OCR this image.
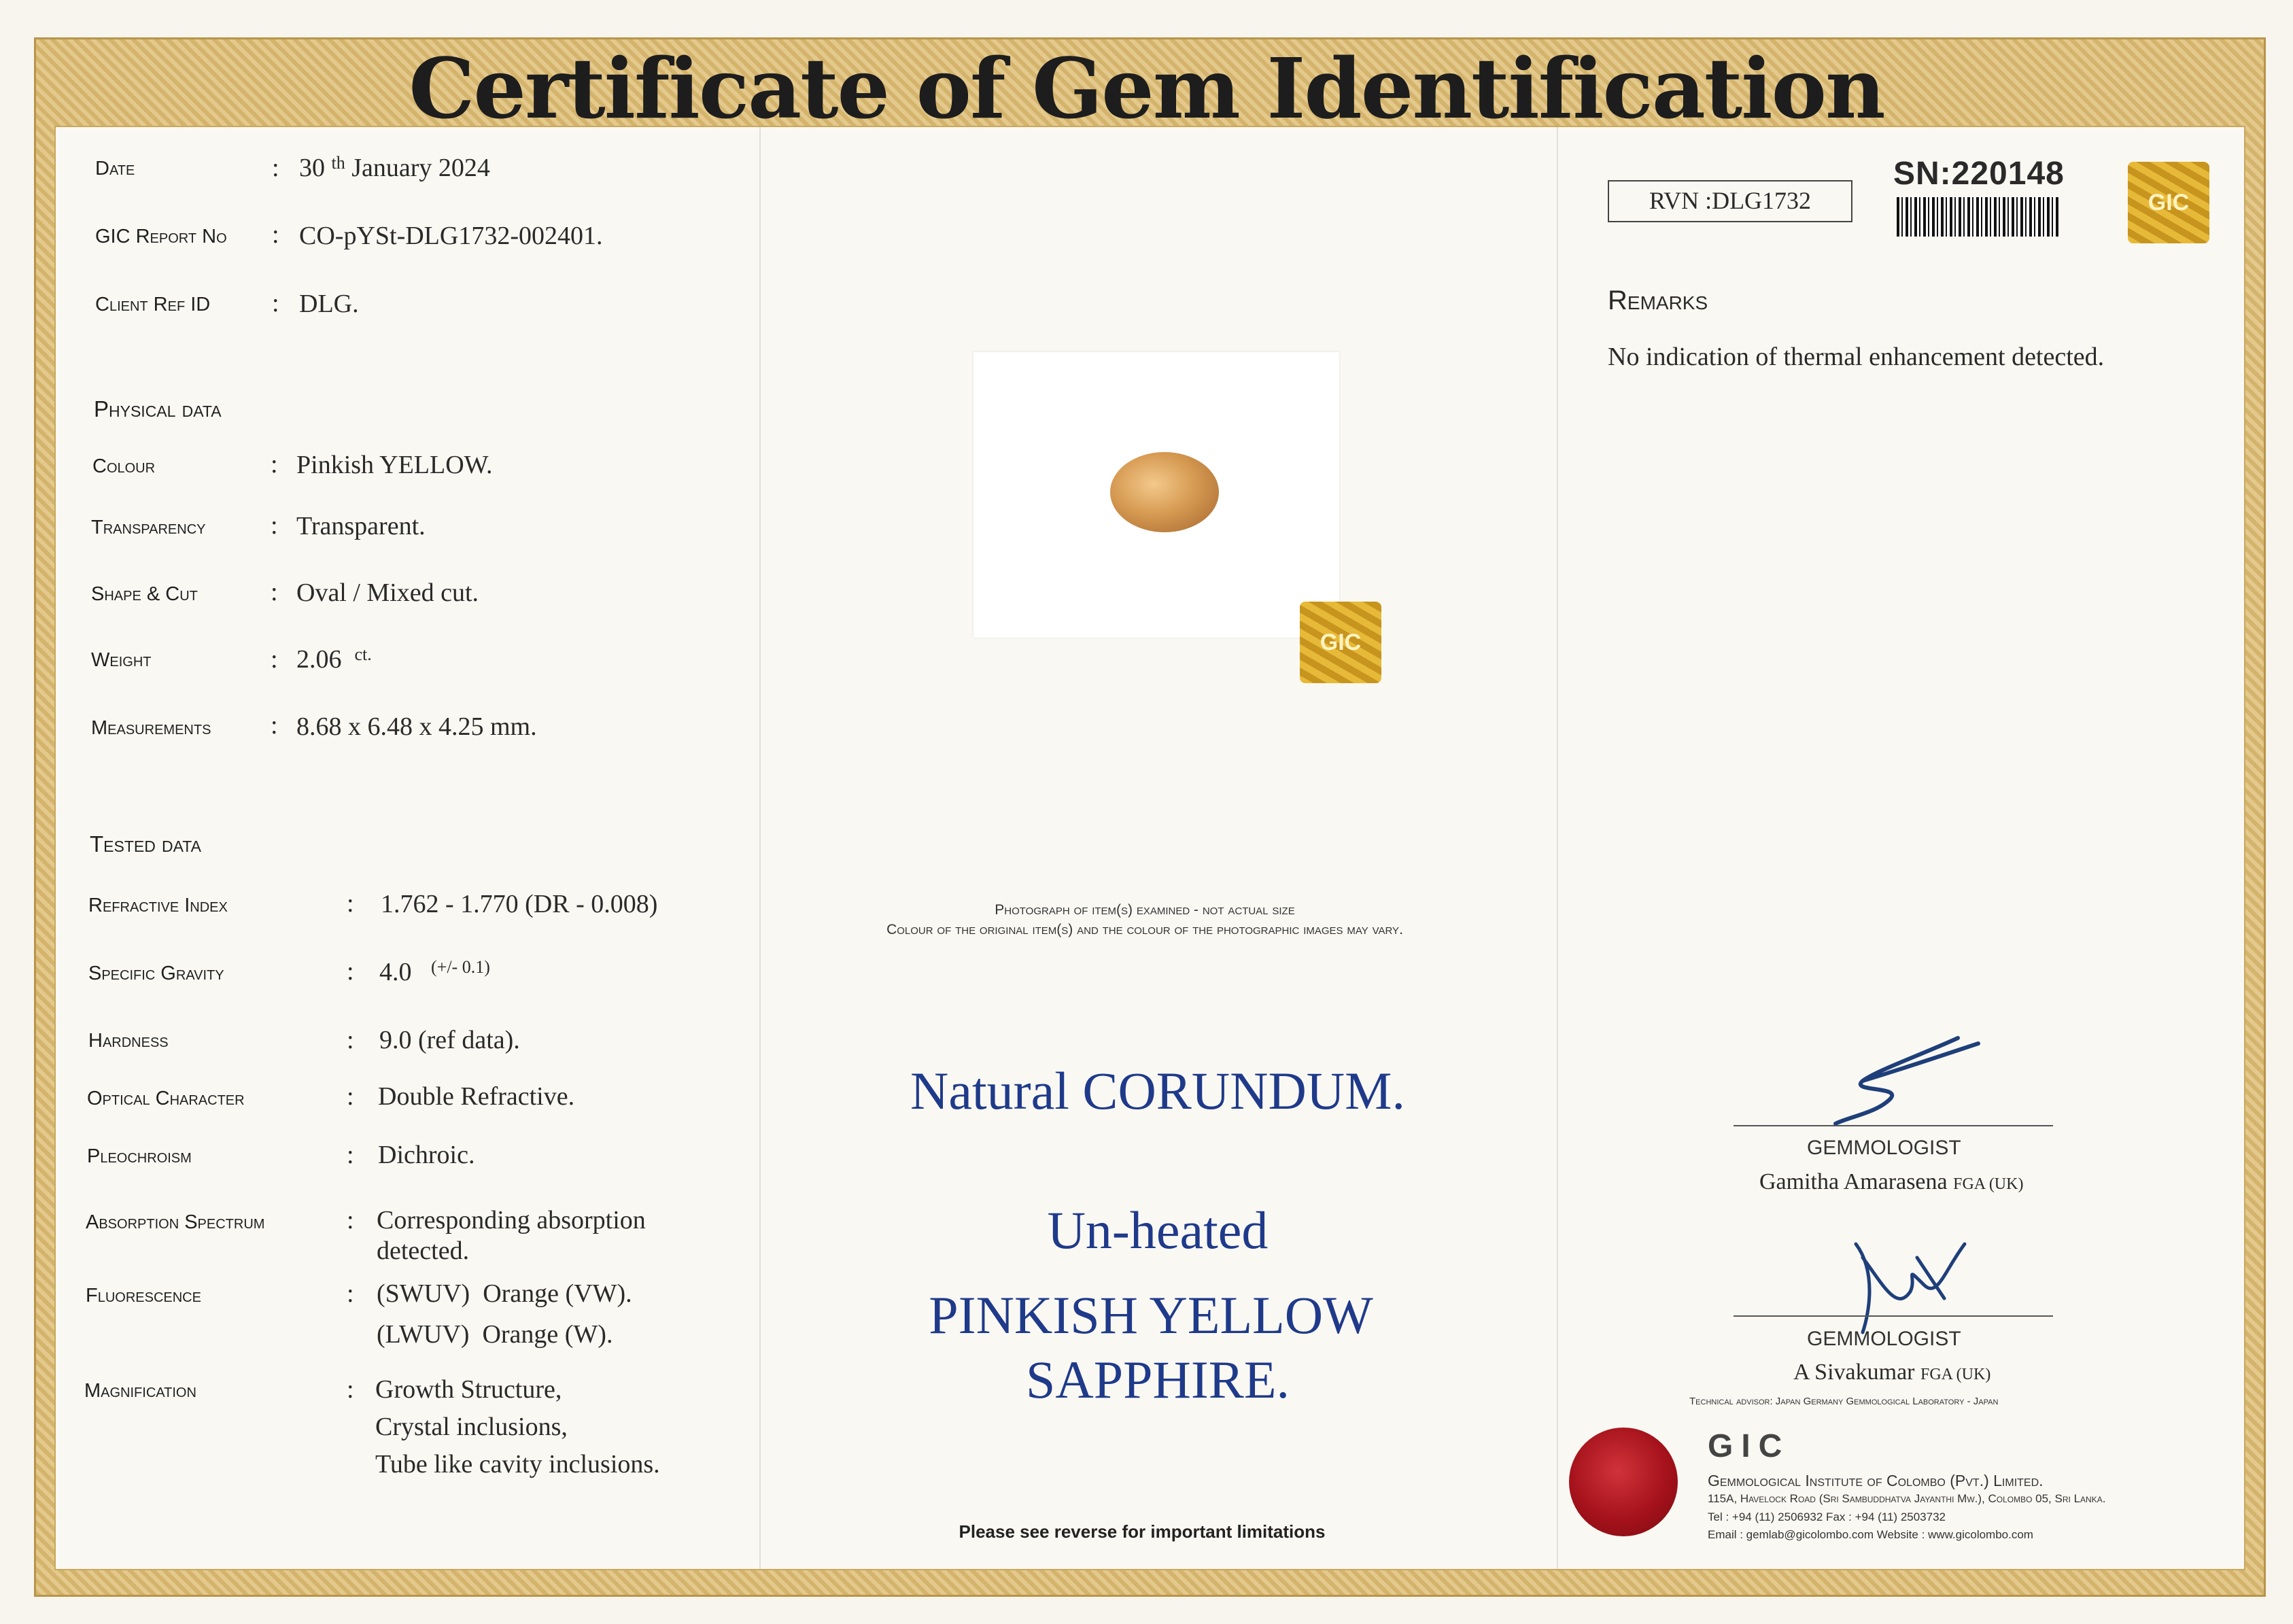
Certificate of Gem Identification
Date	: 30 $^{th}$ January 2024
GIC Report No : CO-pYSt-DLG1732-002401.
Client Ref ID : DLG.
Physical data
Colour	: Pinkish YELLOW.
Transparency	: Transparent.
Shape & Cut	: Oval / Mixed cut.
Weight	: 2.06 $^{ct.}$
Measurements : 8.68 x 6.48 x 4.25 mm.
Tested data
Refractive Index	: 1.762 - 1.770 (DR - 0.008)
Specific Gravity	: 4.0 $^{(+/- 0.1)}$
Hardness	: 9.0 (ref data).
Optical Character	: Double Refractive.
Pleochroism	: Dichroic.
Absorption Spectrum	: Corresponding absorption
detected.
Fluorescence	: (SWUV) Orange (VW).
(LWUV) Orange (W).
Magnification	: Growth Structure,
Crystal inclusions,
Tube like cavity inclusions.
GIC
Photograph of item(s) examined - not actual size
Colour of the original item(s) and the colour of the photographic images may vary.
Natural CORUNDUM.
Un-heated
PINKISH YELLOW
SAPPHIRE.
Please see reverse for important limitations
RVN :DLG1732
SN:220148
GIC
Remarks
No indication of thermal enhancement detected.
GEMMOLOGIST
Gamitha Amarasena FGA (UK)
GEMMOLOGIST
A Sivakumar FGA (UK)
Technical advisor: Japan Germany Gemmological Laboratory - Japan
GIC
Gemmological Institute of Colombo (Pvt.) Limited.
115A, Havelock Road (Sri Sambuddhatva Jayanthi Mw.), Colombo 05, Sri Lanka.
Tel : +94 (11) 2506932 Fax : +94 (11) 2503732
Email : gemlab@gicolombo.com Website : www.gicolombo.com
